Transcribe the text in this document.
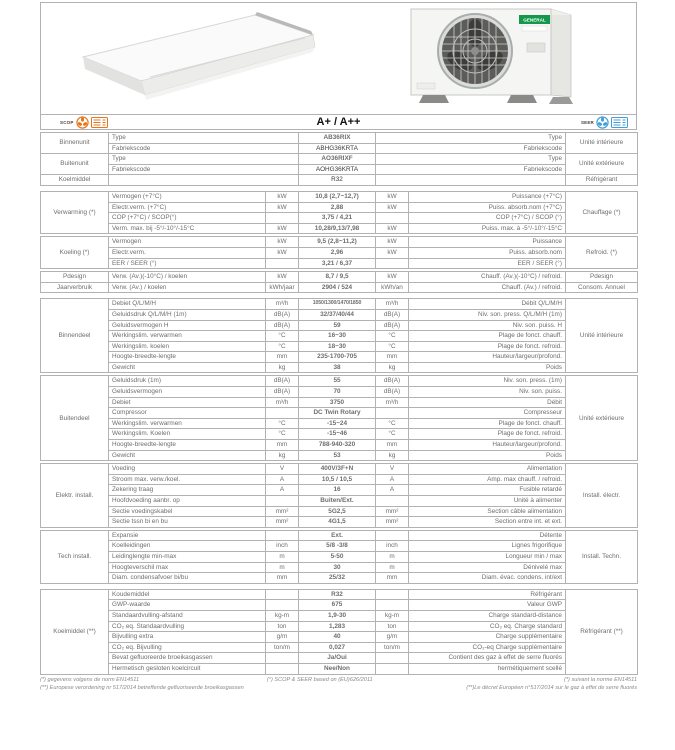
GENERAL
SCOP	A+ / A++	SEER
Binnenunit	Type	AB36RIX	Type	Unité intérieure
	Fabriekscode	ABHG36KRTA	Fabriekscode	
Buitenunit	Type	AO36RIXF	Type	Unité extérieure
	Fabriekscode	AOHG36KRTA	Fabriekscode	
Koelmiddel		R32		Réfrigérant
Verwarming (*)	Vermogen (+7°C)	kW	10,8 (2,7~12,7)	kW	Puissance (+7°C)	Chauffage (*)
	Electr.verm. (+7°C)	kW	2,88	kW	Puiss. absorb.nom (+7°C)	
	COP (+7°C) / SCOP(°)		3,75 / 4,21		COP (+7°C) / SCOP (°)	
	Verm. max. bij -5°/-10°/-15°C	kW	10,28/9,13/7,98	kW	Puiss. max. à -5°/-10°/-15°C	
Koeling (*)	Vermogen	kW	9,5 (2,8~11,2)	kW	Puissance	Refroid. (*)
	Electr.verm.	kW	2,96	kW	Puiss. absorb.nom	
	EER / SEER (°)		3,21 / 6,37		EER / SEER (°)	
Pdesign	Verw. (Av.)(-10°C) / koelen	kW	8,7 / 9,5	kW	Chauff. (Av.)(-10°C) / refroid.	Pdesign
Jaarverbruik	Verw. (Av.) / koelen	kWh/jaar	2904 / 524	kWh/an	Chauff. (Av.) / refroid.	Consom. Annuel
Binnendeel	Debiet Q/L/M/H	m³/h	1050/1300/1470/1850	m³/h	Débit Q/L/M/H	Unité intérieure
	Geluidsdruk Q/L/M/H (1m)	dB(A)	32/37/40/44	dB(A)	Niv. son. press. Q/L/M/H (1m)	
	Geluidsvermogen H	dB(A)	59	dB(A)	Niv. son. puiss. H	
	Werkingslim. verwarmen	°C	16~30	°C	Plage de fonct. chauff.	
	Werkingslim. koelen	°C	18~30	°C	Plage de fonct. refroid.	
	Hoogte-breedte-lengte	mm	235-1700-705	mm	Hauteur/largeur/profond.	
	Gewicht	kg	38	kg	Poids	
Buitendeel	Geluidsdruk (1m)	dB(A)	55	dB(A)	Niv. son. press. (1m)	Unité extérieure
	Geluidsvermogen	dB(A)	70	dB(A)	Niv. son. puiss.	
	Debiet	m³/h	3750	m³/h	Débit	
	Compressor		DC Twin Rotary		Compresseur	
	Werkingslim. verwarmen	°C	-15~24	°C	Plage de fonct. chauff.	
	Werkingslim. Koelen	°C	-15~46	°C	Plage de fonct. refroid.	
	Hoogte-breedte-lengte	mm	788-940-320	mm	Hauteur/largeur/profond.	
	Gewicht	kg	53	kg	Poids	
Elektr. install.	Voeding	V	400V/3F+N	V	Alimentation	Install. électr.
	Stroom max. verw./koel.	A	10,5 / 10,5	A	Amp. max chauff. / refroid.	
	Zekering traag	A	16	A	Fusible retardé	
	Hoofdvoeding aanbr. op		Buiten/Ext.		Unité à alimenter	
	Sectie voedingskabel	mm²	5G2,5	mm²	Section câble alimentation	
	Sectie tssn bi en bu	mm²	4G1,5	mm²	Section entre int. et ext.	
Tech install.	Expansie		Ext.		Détente	Install. Techn.
	Koelleidingen	inch	5/8 -3/8	inch	Lignes frigorifique	
	Leidinglengte min-max	m	5-50	m	Longueur min / max	
	Hoogteverschil max	m	30	m	Dénivelé max	
	Diam. condensafvoer bi/bu	mm	25/32	mm	Diam. évac. condens. int/ext	
Koelmiddel (**)	Koudemiddel		R32		Réfrigérant	Réfrigérant (**)
	GWP-waarde		675		Valeur GWP	
	Standaardvulling-afstand	kg-m	1,9-30	kg-m	Charge standard-distance	
	CO₂ eq. Standaardvulling	ton	1,283	ton	CO₂ eq. Charge standard	
	Bijvulling extra	g/m	40	g/m	Charge supplémentaire	
	CO₂ eq. Bijvulling	ton/m	0,027	ton/m	CO₂-eq Charge supplémentaire	
	Bevat gefluoreerde broeikasgassen		Ja/Oui		Contient des gaz à effet de serre fluorés	
	Hermetisch gesloten koelcircuit		Nee/Non		hermétiquement scellé	
(*) gegevens volgens de norm EN14511	(°) SCOP & SEER based on (EU)626/2011	(*) suivant la norme EN14511
(**) Europese verordening nr 517/2014 betreffende gefluoriseerde broeikasgassen	(**)Le décret Européen n°517/2014 sur le gaz à effet de serre fluorés
